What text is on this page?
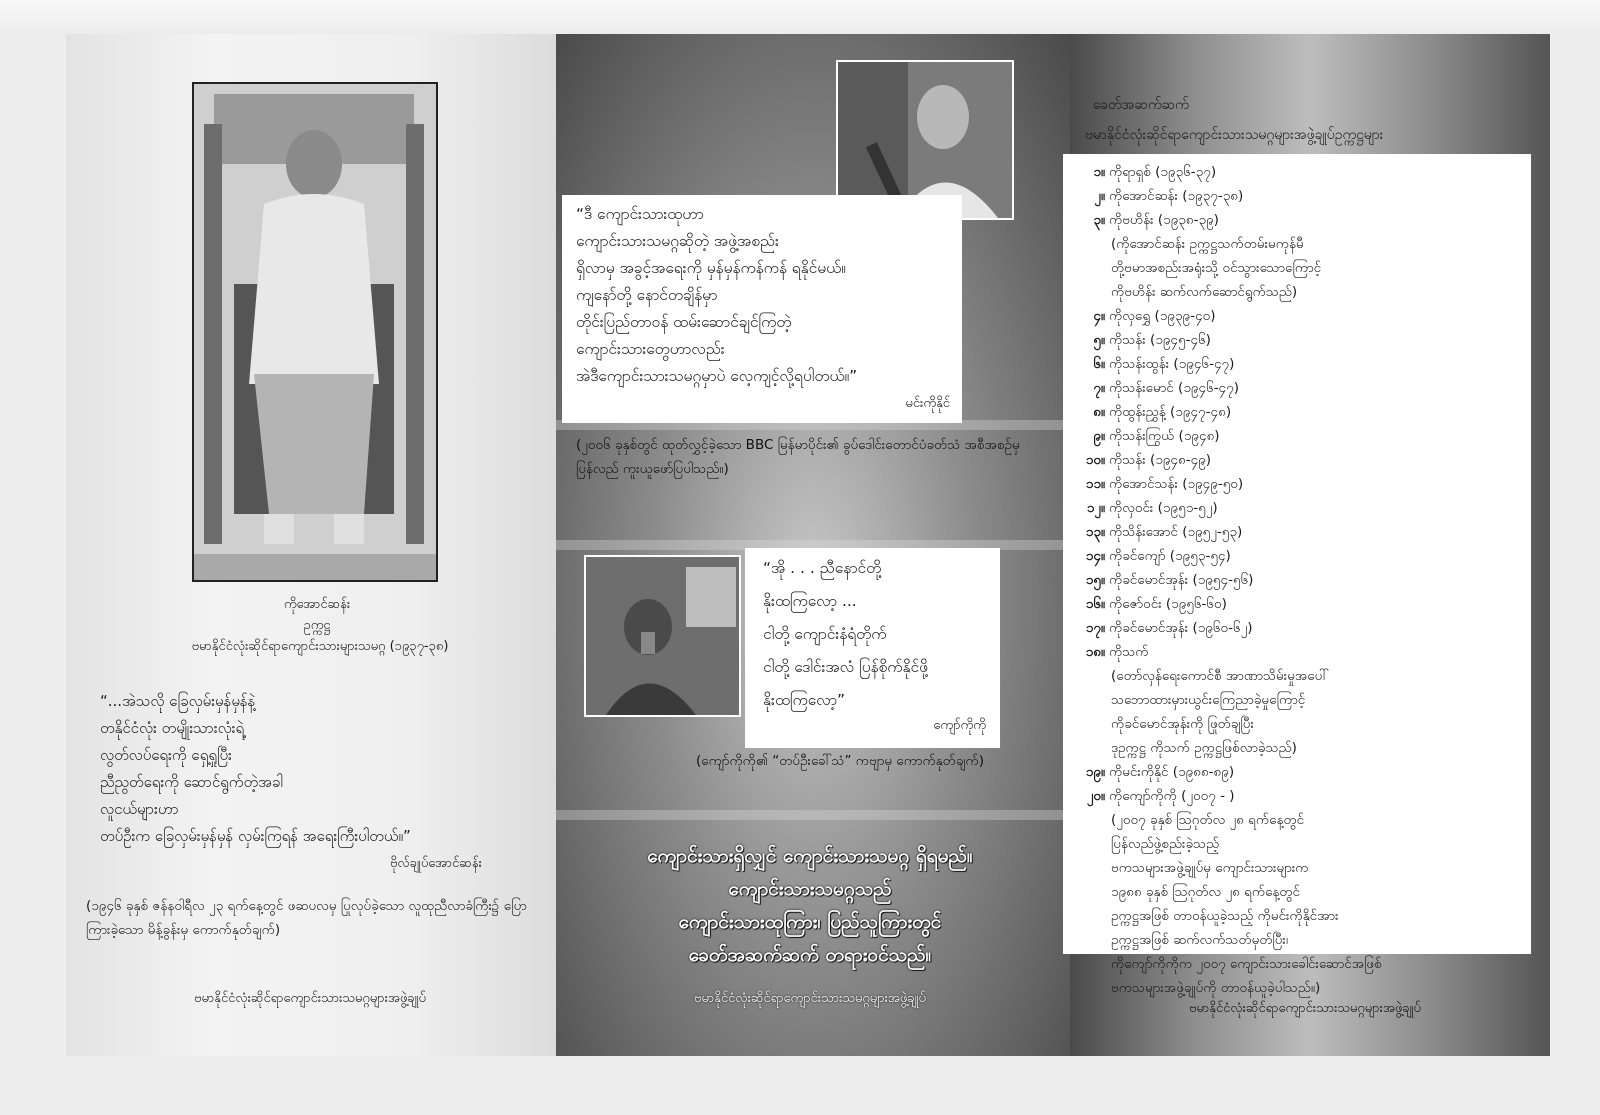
ကိုအောင်ဆန်း
ဥက္ကဋ္ဌ
ဗမာနိုင်ငံလုံးဆိုင်ရာကျောင်းသားများသမဂ္ဂ (၁၉၃၇-၃၈)
“...အဲသလို ခြေလှမ်းမှန်မှန်နဲ့
တနိုင်ငံလုံး တမျိုးသားလုံးရဲ့
လွတ်လပ်ရေးကို ရှေ့ရှုပြီး
ညီညွတ်ရေးကို ဆောင်ရွက်တဲ့အခါ
လူငယ်များဟာ
တပ်ဦးက ခြေလှမ်းမှန်မှန် လှမ်းကြရန် အရေးကြီးပါတယ်။”
ဗိုလ်ချုပ်အောင်ဆန်း
(၁၉၄၆ ခုနှစ် ဇန်နဝါရီလ ၂၃ ရက်နေ့တွင် ဖဆပလမှ ပြုလုပ်ခဲ့သော လူထုညီလာခံကြီး၌ ပြောကြားခဲ့သော မိန့်ခွန်းမှ ကောက်နုတ်ချက်)
ဗမာနိုင်ငံလုံးဆိုင်ရာကျောင်းသားသမဂ္ဂများအဖွဲ့ချုပ်
“ဒီ ကျောင်းသားထုဟာ
ကျောင်းသားသမဂ္ဂဆိုတဲ့ အဖွဲ့အစည်း
ရှိလာမှ အခွင့်အရေးကို မှန်မှန်ကန်ကန် ရနိုင်မယ်။
ကျနော်တို့ နောင်တချိန်မှာ
တိုင်းပြည်တာဝန် ထမ်းဆောင်ချင်ကြတဲ့
ကျောင်းသားတွေဟာလည်း
အဲဒီကျောင်းသားသမဂ္ဂမှာပဲ လေ့ကျင့်လို့ရပါတယ်။”
မင်းကိုနိုင်
(၂၀၀၆ ခုနှစ်တွင် ထုတ်လွှင့်ခဲ့သော BBC မြန်မာပိုင်း၏ ခွပ်ဒေါင်းတောင်ပံခတ်သံ အစီအစဉ်မှ ပြန်လည် ကူးယူဖော်ပြပါသည်။)
“အို . . . ညီနောင်တို့
နိုးထကြလော့ ...
ငါတို့ ကျောင်းနံရံတိုက်
ငါတို့ ဒေါင်းအလံ ပြန်စိုက်နိုင်ဖို့
နိုးထကြလော့”
ကျော်ကိုကို
(ကျော်ကိုကို၏ “တပ်ဦးခေါ်သံ” ကဗျာမှ ကောက်နုတ်ချက်)
ကျောင်းသားရှိလျှင် ကျောင်းသားသမဂ္ဂ ရှိရမည်။
ကျောင်းသားသမဂ္ဂသည်
ကျောင်းသားထုကြား၊ ပြည်သူကြားတွင်
ခေတ်အဆက်ဆက် တရားဝင်သည်။
ဗမာနိုင်ငံလုံးဆိုင်ရာကျောင်းသားသမဂ္ဂများအဖွဲ့ချုပ်
ခေတ်အဆက်ဆက်
ဗမာနိုင်ငံလုံးဆိုင်ရာကျောင်းသားသမဂ္ဂများအဖွဲ့ချုပ်ဥက္ကဋ္ဌများ
၁။ ကိုရာရှစ် (၁၉၃၆-၃၇)
၂။ ကိုအောင်ဆန်း (၁၉၃၇-၃၈)
၃။ ကိုဗဟိန်း (၁၉၃၈-၃၉)
(ကိုအောင်ဆန်း ဥက္ကဋ္ဌသက်တမ်းမကုန်မီ
တို့ဗမာအစည်းအရုံးသို့ ဝင်သွားသောကြောင့်
ကိုဗဟိန်း ဆက်လက်ဆောင်ရွက်သည်)
၄။ ကိုလှရွှေ (၁၉၃၉-၄၀)
၅။ ကိုသန်း (၁၉၄၅-၄၆)
၆။ ကိုသန်းထွန်း (၁၉၄၆-၄၇)
၇။ ကိုသန်းမောင် (၁၉၄၆-၄၇)
၈။ ကိုထွန်းညွှန့် (၁၉၄၇-၄၈)
၉။ ကိုသန်းကြွယ် (၁၉၄၈)
၁၀။ ကိုသန်း (၁၉၄၈-၄၉)
၁၁။ ကိုအောင်သန်း (၁၉၄၉-၅၀)
၁၂။ ကိုလှဝင်း (၁၉၅၁-၅၂)
၁၃။ ကိုသိန်းအောင် (၁၉၅၂-၅၃)
၁၄။ ကိုခင်ကျော် (၁၉၅၃-၅၄)
၁၅။ ကိုခင်မောင်အုန်း (၁၉၅၄-၅၆)
၁၆။ ကိုဇော်ဝင်း (၁၉၅၆-၆၀)
၁၇။ ကိုခင်မောင်အုန်း (၁၉၆၀-၆၂)
၁၈။ ကိုသက်
(တော်လှန်ရေးကောင်စီ အာဏာသိမ်းမှုအပေါ်
သဘောထားမှားယွင်းကြေညာခဲ့မှုကြောင့်
ကိုခင်မောင်အုန်းကို ဖြုတ်ချပြီး
ဒုဥက္ကဋ္ဌ ကိုသက် ဥက္ကဋ္ဌဖြစ်လာခဲ့သည်)
၁၉။ ကိုမင်းကိုနိုင် (၁၉၈၈-၈၉)
၂၀။ ကိုကျော်ကိုကို (၂၀၀၇ - )
(၂၀၀၇ ခုနှစ် ဩဂုတ်လ ၂၈ ရက်နေ့တွင်
ပြန်လည်ဖွဲ့စည်းခဲ့သည့်
ဗကသများအဖွဲ့ချုပ်မှ ကျောင်းသားများက
၁၉၈၈ ခုနှစ် ဩဂုတ်လ ၂၈ ရက်နေ့တွင်
ဥက္ကဋ္ဌအဖြစ် တာဝန်ယူခဲ့သည့် ကိုမင်းကိုနိုင်အား
ဥက္ကဋ္ဌအဖြစ် ဆက်လက်သတ်မှတ်ပြီး၊
ကိုကျော်ကိုကိုက ၂၀၀၇ ကျောင်းသားခေါင်းဆောင်အဖြစ်
ဗကသများအဖွဲ့ချုပ်ကို တာဝန်ယူခဲ့ပါသည်။)
ဗမာနိုင်ငံလုံးဆိုင်ရာကျောင်းသားသမဂ္ဂများအဖွဲ့ချုပ်
